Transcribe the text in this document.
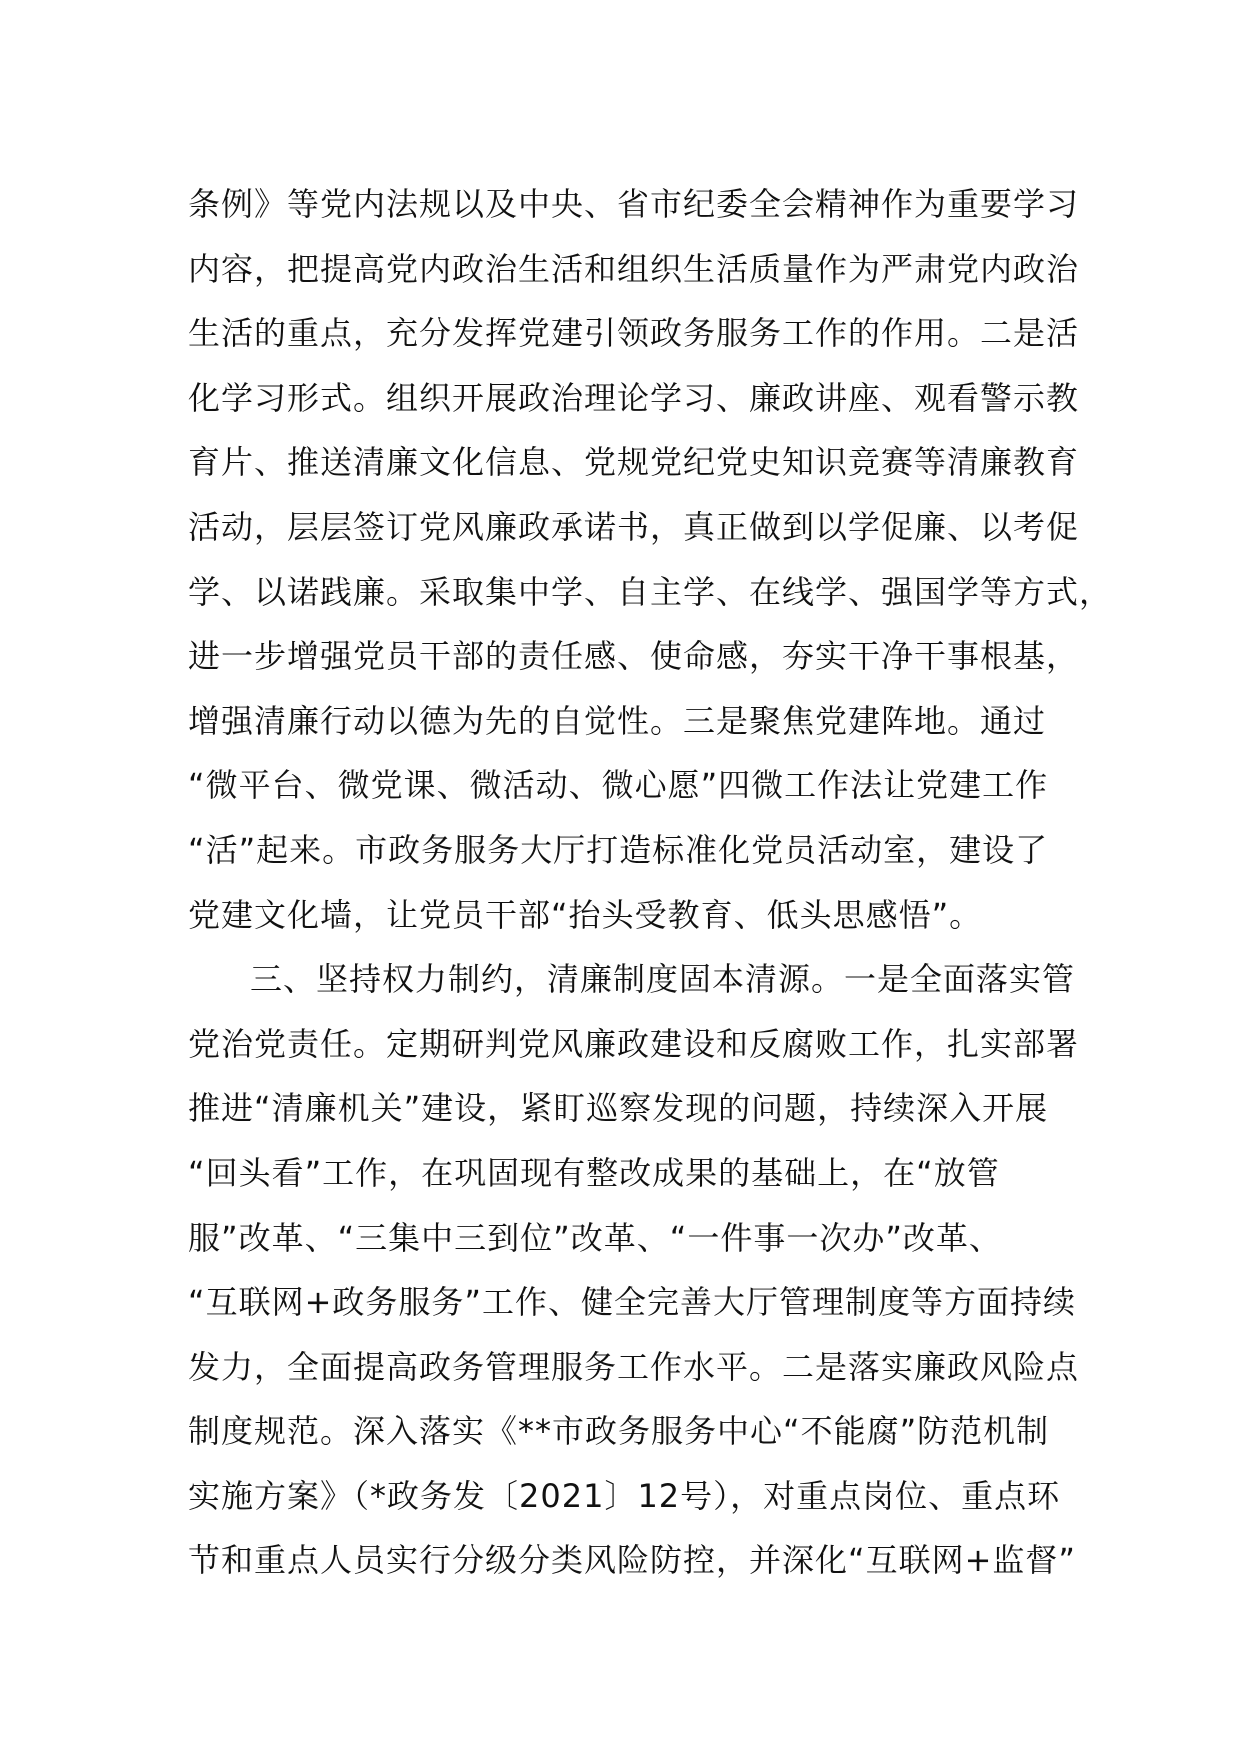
条例》等党内法规以及中央、省市纪委全会精神作为重要学习
内容，把提高党内政治生活和组织生活质量作为严肃党内政治
生活的重点，充分发挥党建引领政务服务工作的作用。二是活
化学习形式。组织开展政治理论学习、廉政讲座、观看警示教
育片、推送清廉文化信息、党规党纪党史知识竞赛等清廉教育
活动，层层签订党风廉政承诺书，真正做到以学促廉、以考促
学、以诺践廉。采取集中学、自主学、在线学、强国学等方式，
进一步增强党员干部的责任感、使命感，夯实干净干事根基，
增强清廉行动以德为先的自觉性。三是聚焦党建阵地。通过
“微平台、微党课、微活动、微心愿”四微工作法让党建工作
“活”起来。市政务服务大厅打造标准化党员活动室，建设了
党建文化墙，让党员干部“抬头受教育、低头思感悟”。
三、坚持权力制约，清廉制度固本清源。一是全面落实管
党治党责任。定期研判党风廉政建设和反腐败工作，扎实部署
推进“清廉机关”建设，紧盯巡察发现的问题，持续深入开展
“回头看”工作，在巩固现有整改成果的基础上，在“放管
服”改革、“三集中三到位”改革、“一件事一次办”改革、
“互联网+政务服务”工作、健全完善大厅管理制度等方面持续
发力，全面提高政务管理服务工作水平。二是落实廉政风险点
制度规范。深入落实《**市政务服务中心“不能腐”防范机制
实施方案》（*政务发〔2021〕12号），对重点岗位、重点环
节和重点人员实行分级分类风险防控，并深化“互联网+监督”
